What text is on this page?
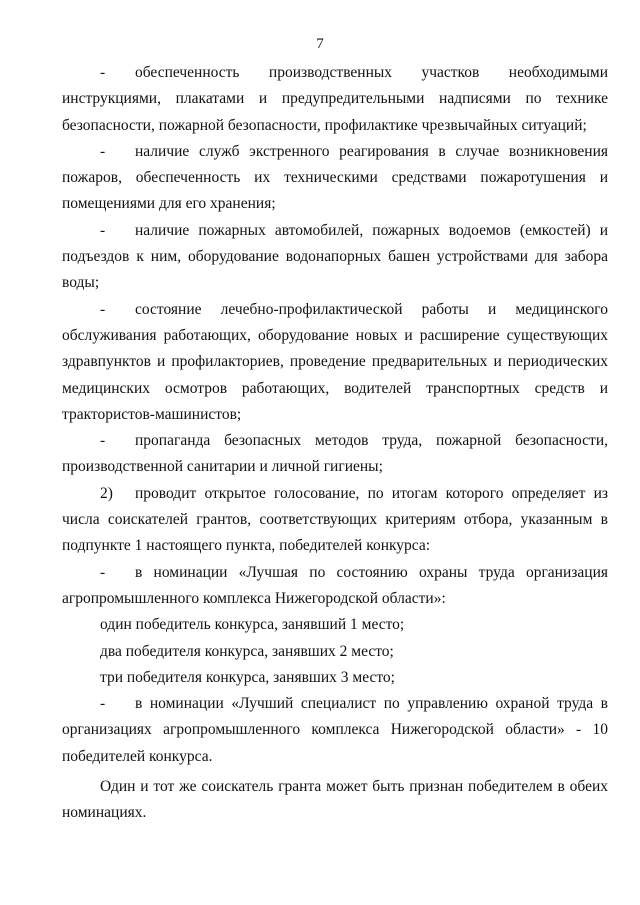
7

- обеспеченность производственных участков необходимыми инструкциями, плакатами и предупредительными надписями по технике безопасности, пожарной безопасности, профилактике чрезвычайных ситуаций;

- наличие служб экстренного реагирования в случае возникновения пожаров, обеспеченность их техническими средствами пожаротушения и помещениями для его хранения;

- наличие пожарных автомобилей, пожарных водоемов (емкостей) и подъездов к ним, оборудование водонапорных башен устройствами для забора воды;

- состояние лечебно-профилактической работы и медицинского обслуживания работающих, оборудование новых и расширение существующих здравпунктов и профилакториев, проведение предварительных и периодических медицинских осмотров работающих, водителей транспортных средств и трактористов-машинистов;

- пропаганда безопасных методов труда, пожарной безопасности, производственной санитарии и личной гигиены;

2) проводит открытое голосование, по итогам которого определяет из числа соискателей грантов, соответствующих критериям отбора, указанным в подпункте 1 настоящего пункта, победителей конкурса:

- в номинации «Лучшая по состоянию охраны труда организация агропромышленного комплекса Нижегородской области»:

один победитель конкурса, занявший 1 место;

два победителя конкурса, занявших 2 место;

три победителя конкурса, занявших 3 место;

- в номинации «Лучший специалист по управлению охраной труда в организациях агропромышленного комплекса Нижегородской области» - 10 победителей конкурса.

Один и тот же соискатель гранта может быть признан победителем в обеих номинациях.
